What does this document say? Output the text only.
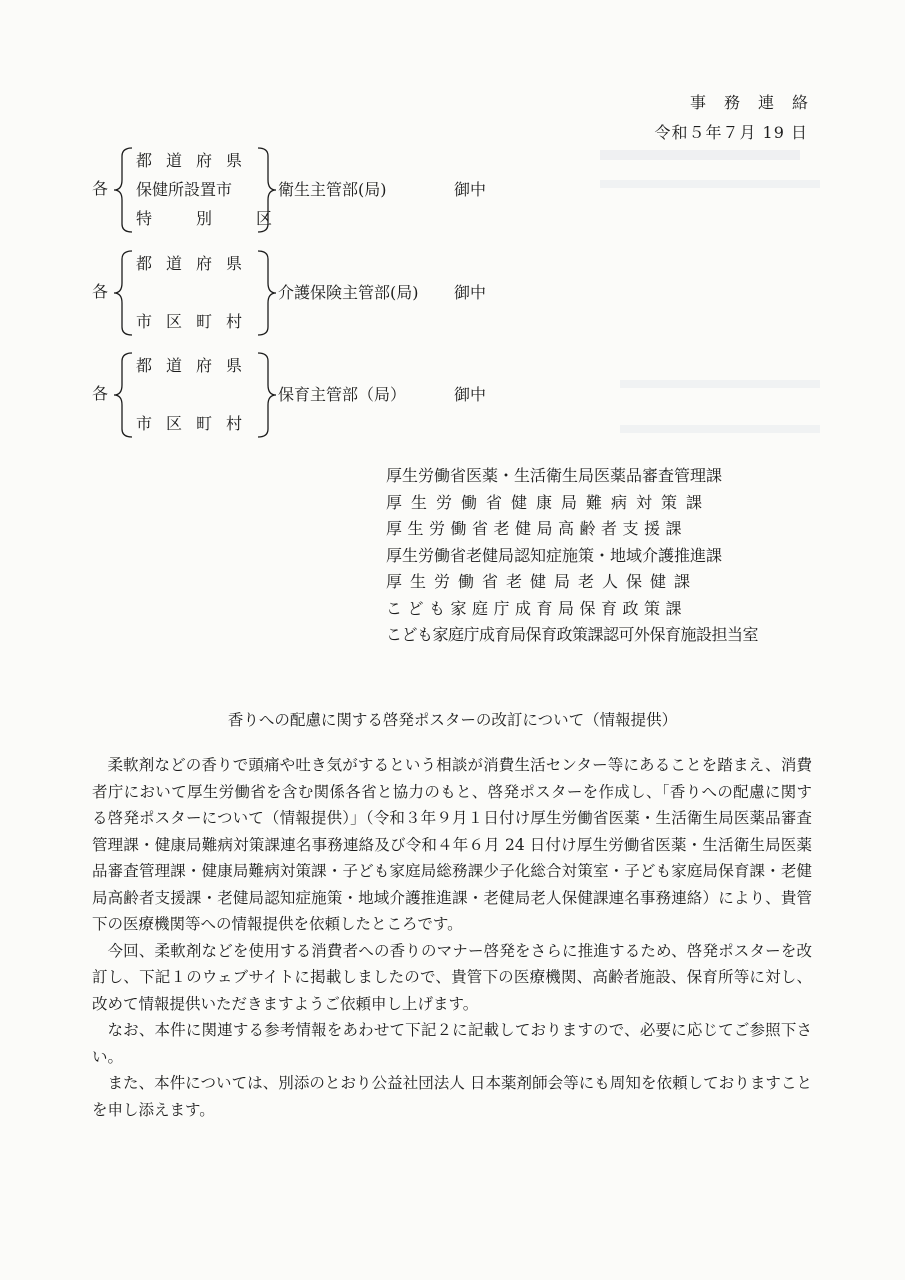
事務連絡
令和５年７月 19 日
各
都道府県
保健所設置市
特　別　区
衛生主管部(局)	御中
各
都道府県
市区町村
介護保険主管部(局) 御中
各
都道府県
市区町村
保育主管部（局）	御中
厚生労働省医薬・生活衛生局医薬品審査管理課
厚生労働省健康局難病対策課
厚生労働省老健局高齢者支援課
厚生労働省老健局認知症施策・地域介護推進課
厚生労働省老健局老人保健課
こども家庭庁成育局保育政策課
こども家庭庁成育局保育政策課認可外保育施設担当室
香りへの配慮に関する啓発ポスターの改訂について（情報提供）

柔軟剤などの香りで頭痛や吐き気がするという相談が消費生活センター等にあることを踏まえ、消費者庁において厚生労働省を含む関係各省と協力のもと、啓発ポスターを作成し、「香りへの配慮に関する啓発ポスターについて（情報提供）」（令和３年９月１日付け厚生労働省医薬・生活衛生局医薬品審査管理課・健康局難病対策課連名事務連絡及び令和４年６月 24 日付け厚生労働省医薬・生活衛生局医薬品審査管理課・健康局難病対策課・子ども家庭局総務課少子化総合対策室・子ども家庭局保育課・老健局高齢者支援課・老健局認知症施策・地域介護推進課・老健局老人保健課連名事務連絡）により、貴管下の医療機関等への情報提供を依頼したところです。

今回、柔軟剤などを使用する消費者への香りのマナー啓発をさらに推進するため、啓発ポスターを改訂し、下記１のウェブサイトに掲載しましたので、貴管下の医療機関、高齢者施設、保育所等に対し、改めて情報提供いただきますようご依頼申し上げます。

なお、本件に関連する参考情報をあわせて下記２に記載しておりますので、必要に応じてご参照下さい。

また、本件については、別添のとおり公益社団法人 日本薬剤師会等にも周知を依頼しておりますことを申し添えます。
